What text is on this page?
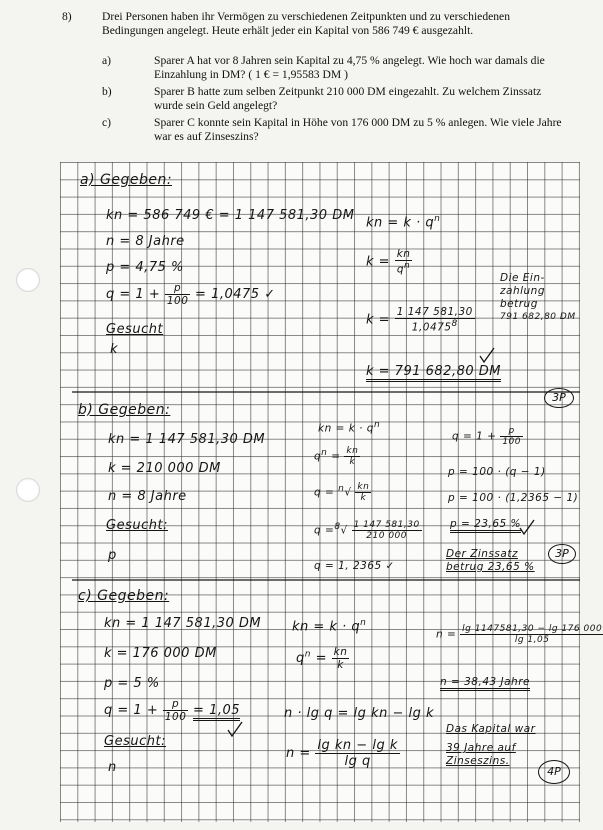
8)	Drei Personen haben ihr Vermögen zu verschiedenen Zeitpunkten und zu verschiedenen Bedingungen angelegt. Heute erhält jeder ein Kapital von 586 749 € ausgezahlt.
a)	Sparer A hat vor 8 Jahren sein Kapital zu 4,75 % angelegt. Wie hoch war damals die Einzahlung in DM? ( 1 € = 1,95583 DM )
b)	Sparer B hatte zum selben Zeitpunkt 210 000 DM eingezahlt. Zu welchem Zinssatz wurde sein Geld angelegt?
c)	Sparer C konnte sein Kapital in Höhe von 176 000 DM zu 5 % anlegen. Wie viele Jahre war es auf Zinseszins?
a) Gegeben:
kn = 586 749 € = 1 147 581,30 DM
n = 8 Jahre
p = 4,75 %
$q = 1 + \frac{p}{100} = 1,0475$ ✓
Gesucht
k
kn = $k \cdot q^n$
$k = \frac{kn}{q^n}$
$k = \frac{1 147 581,30}{1,0475^8}$
k = 791 682,80 DM
Die Ein-
zahlung
betrug
791 682,80 DM
3P
b) Gegeben:
kn = 1 147 581,30 DM
k = 210 000 DM
n = 8 Jahre
Gesucht:
p
kn = $k \cdot q^n$
$q^n = \frac{kn}{k}$
$q = ^n√ \frac{kn}{k}$
$q =^8√ \frac{1 147 581,30}{210 000}$
q = 1, 2365 ✓
$q = 1 + \frac{p}{100}$
p = 100 · (q − 1)
p = 100 · (1,2365 − 1)
p = 23,65 %
Der Zinssatz
betrug 23,65 %
3P
c) Gegeben:
kn = 1 147 581,30 DM
k = 176 000 DM
p = 5 %
$q = 1 + \frac{p}{100} = 1,05$
Gesucht:
n
kn = $k \cdot q^n$
$q^n = \frac{kn}{k}$
n · lg q = lg kn − lg k
$n = \frac{\text{lg kn − lg k}}{\text{lg q}}$
$n = \frac{\lg 1147581,30 - \lg 176 000}{\lg 1,05}$
n = 38,43 Jahre
Das Kapital war
39 Jahre auf
Zinseszins.
4P
